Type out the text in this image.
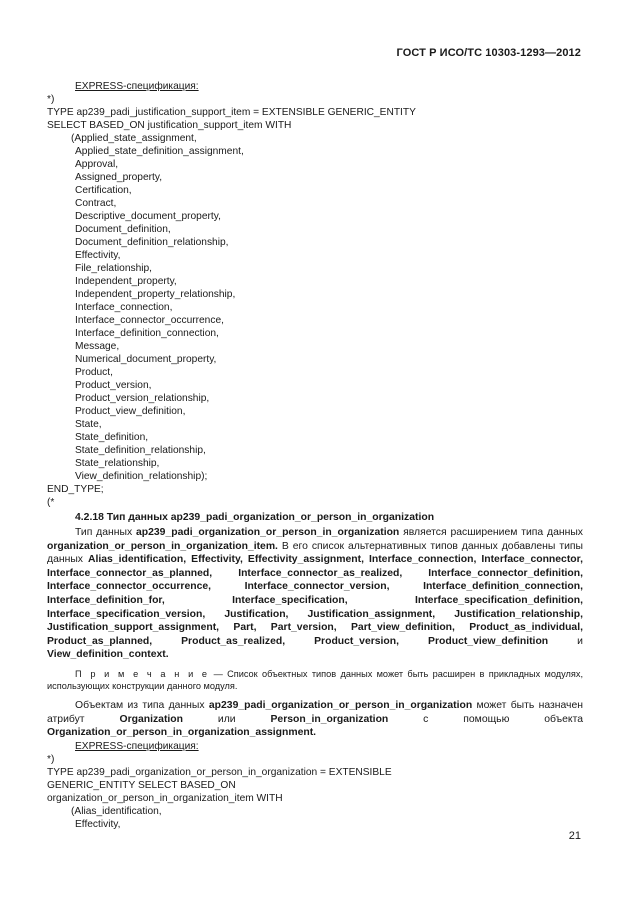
ГОСТ Р ИСО/ТС 10303-1293—2012
EXPRESS-спецификация:
*)
TYPE ap239_padi_justification_support_item = EXTENSIBLE GENERIC_ENTITY
SELECT BASED_ON justification_support_item WITH
(Applied_state_assignment,
Applied_state_definition_assignment,
Approval,
Assigned_property,
Certification,
Contract,
Descriptive_document_property,
Document_definition,
Document_definition_relationship,
Effectivity,
File_relationship,
Independent_property,
Independent_property_relationship,
Interface_connection,
Interface_connector_occurrence,
Interface_definition_connection,
Message,
Numerical_document_property,
Product,
Product_version,
Product_version_relationship,
Product_view_definition,
State,
State_definition,
State_definition_relationship,
State_relationship,
View_definition_relationship);
END_TYPE;
(*
4.2.18 Тип данных ap239_padi_organization_or_person_in_organization
Тип данных ap239_padi_organization_or_person_in_organization является расширением типа данных organization_or_person_in_organization_item. В его список альтернативных типов данных добавлены типы данных Alias_identification, Effectivity, Effectivity_assignment, Interface_connection, Interface_connector, Interface_connector_as_planned, Interface_connector_as_realized, Interface_connector_definition, Interface_connector_occurrence, Interface_connector_version, Interface_definition_connection, Interface_definition_for, Interface_specification, Interface_specification_definition, Interface_specification_version, Justification, Justification_assignment, Justification_relationship, Justification_support_assignment, Part, Part_version, Part_view_definition, Product_as_individual, Product_as_planned, Product_as_realized, Product_version, Product_view_definition и View_definition_context.
П р и м е ч а н и е — Список объектных типов данных может быть расширен в прикладных модулях, использующих конструкции данного модуля.
Объектам из типа данных ap239_padi_organization_or_person_in_organization может быть назначен атрибут Organization или Person_in_organization с помощью объекта Organization_or_person_in_organization_assignment.
EXPRESS-спецификация:
*)
TYPE ap239_padi_organization_or_person_in_organization = EXTENSIBLE
GENERIC_ENTITY SELECT BASED_ON
organization_or_person_in_organization_item WITH
(Alias_identification,
Effectivity,
21
